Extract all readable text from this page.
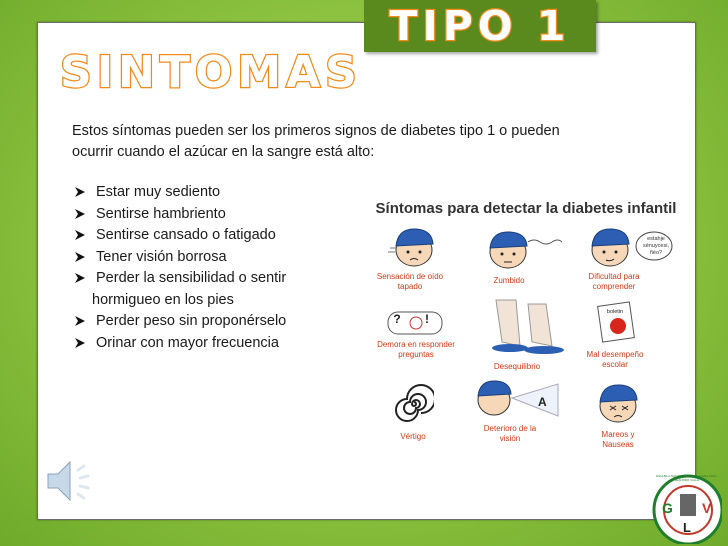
TIPO 1
SINTOMAS
Estos síntomas pueden ser los primeros signos de diabetes tipo 1 o pueden
ocurrir cuando el azúcar en la sangre está alto:
Estar muy sediento
Sentirse hambriento
Sentirse cansado o fatigado
Tener visión borrosa
Perder la sensibilidad o sentir
hormigueo en los pies
Perder peso sin proponérselo
Orinar con mayor frecuencia
Síntomas para detectar la diabetes infantil
estahje sénuycesi, ñéo?
Sensación de oído tapado
Zumbido	Dificultad para comprender
? !
Demora en responder preguntas
Desequilibrio
boletin
Mal desempeño escolar
Vértigo
A
Deterioro de la visión	Mareos y Nauseas
G V
L
ESCUELA NACIONAL REPUBLICANA GRAL. LEANDRO VALLE
